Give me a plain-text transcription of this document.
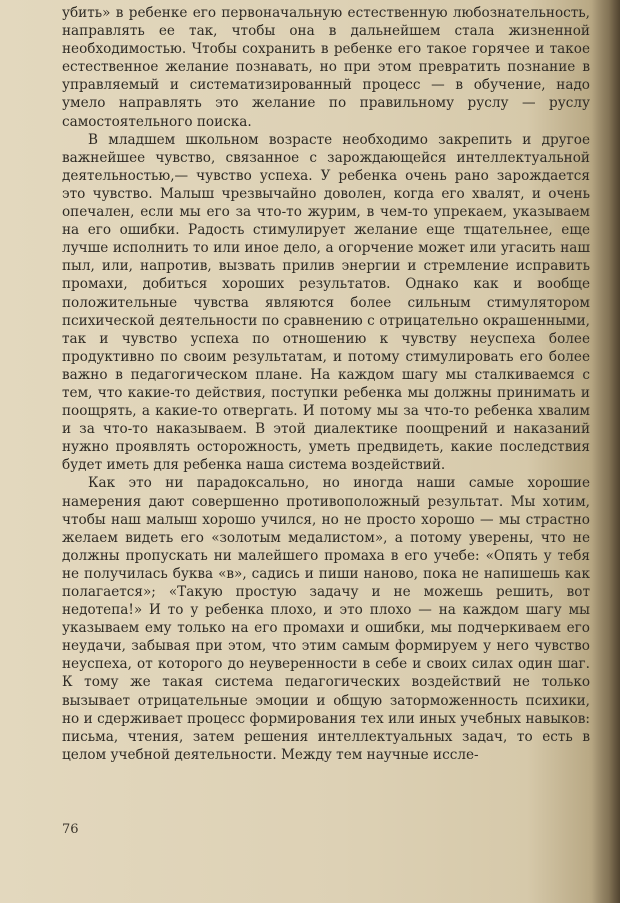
убить» в ребенке его первоначальную естественную любознательность, направлять ее так, чтобы она в дальнейшем стала жизненной необходимостью. Чтобы сохранить в ребенке его такое горячее и такое естественное желание познавать, но при этом превратить познание в управляемый и систематизированный процесс — в обучение, надо умело направлять это желание по правильному руслу — руслу самостоятельного поиска.

В младшем школьном возрасте необходимо закрепить и другое важнейшее чувство, связанное с зарождающейся интеллектуальной деятельностью,— чувство успеха. У ребенка очень рано зарождается это чувство. Малыш чрезвычайно доволен, когда его хвалят, и очень опечален, если мы его за что-то журим, в чем-то упрекаем, указываем на его ошибки. Радость стимулирует желание еще тщательнее, еще лучше исполнить то или иное дело, а огорчение может или угасить наш пыл, или, напротив, вызвать прилив энергии и стремление исправить промахи, добиться хороших результатов. Однако как и вообще положительные чувства являются более сильным стимулятором психической деятельности по сравнению с отрицательно окрашенными, так и чувство успеха по отношению к чувству неуспеха более продуктивно по своим результатам, и потому стимулировать его более важно в педагогическом плане. На каждом шагу мы сталкиваемся с тем, что какие-то действия, поступки ребенка мы должны принимать и поощрять, а какие-то отвергать. И потому мы за что-то ребенка хвалим и за что-то наказываем. В этой диалектике поощрений и наказаний нужно проявлять осторожность, уметь предвидеть, какие последствия будет иметь для ребенка наша система воздействий.

Как это ни парадоксально, но иногда наши самые хорошие намерения дают совершенно противоположный результат. Мы хотим, чтобы наш малыш хорошо учился, но не просто хорошо — мы страстно желаем видеть его «золотым медалистом», а потому уверены, что не должны пропускать ни малейшего промаха в его учебе: «Опять у тебя не получилась буква «в», садись и пиши наново, пока не напишешь как полагается»; «Такую простую задачу и не можешь решить, вот недотепа!» И то у ребенка плохо, и это плохо — на каждом шагу мы указываем ему только на его промахи и ошибки, мы подчеркиваем его неудачи, забывая при этом, что этим самым формируем у него чувство неуспеха, от которого до неуверенности в себе и своих силах один шаг. К тому же такая система педагогических воздействий не только вызывает отрицательные эмоции и общую заторможенность психики, но и сдерживает процесс формирования тех или иных учебных навыков: письма, чтения, затем решения интеллектуальных задач, то есть в целом учебной деятельности. Между тем научные иссле-

76
